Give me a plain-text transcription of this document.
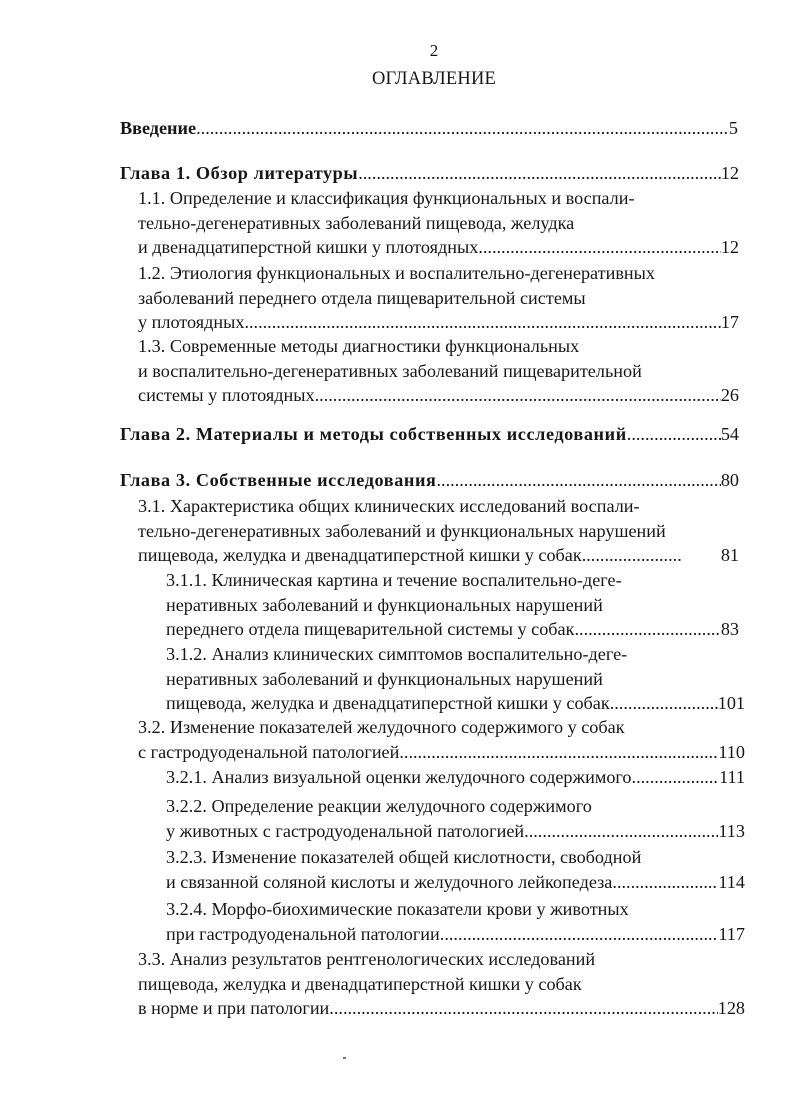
2
ОГЛАВЛЕНИЕ
Введение .....	5
Глава 1. Обзор литературы .....	12
1.1. Определение и классификация функциональных и воспали-
тельно-дегенеративных заболеваний пищевода, желудка
и двенадцатиперстной кишки у плотоядных .....	12
1.2. Этиология функциональных и воспалительно-дегенеративных
заболеваний переднего отдела пищеварительной системы
у плотоядных .....	17
1.3. Современные методы диагностики функциональных
и воспалительно-дегенеративных заболеваний пищеварительной
системы у плотоядных .....	26
Глава 2. Материалы и методы собственных исследований .....	54
Глава 3. Собственные исследования .....	80
3.1. Характеристика общих клинических исследований воспали-
тельно-дегенеративных заболеваний и функциональных нарушений
пищевода, желудка и двенадцатиперстной кишки у собак .....	81
3.1.1. Клиническая картина и течение воспалительно-деге-
неративных заболеваний и функциональных нарушений
переднего отдела пищеварительной системы у собак .....	83
3.1.2. Анализ клинических симптомов воспалительно-деге-
неративных заболеваний и функциональных нарушений
пищевода, желудка и двенадцатиперстной кишки у собак .....	101
3.2. Изменение показателей желудочного содержимого у собак
с гастродуоденальной патологией .....	110
3.2.1. Анализ визуальной оценки желудочного содержимого .....	111
3.2.2. Определение реакции желудочного содержимого
у животных с гастродуоденальной патологией .....	113
3.2.3. Изменение показателей общей кислотности, свободной
и связанной соляной кислоты и желудочного лейкопедеза .....	114
3.2.4. Морфо-биохимические показатели крови у животных
при гастродуоденальной патологии .....	117
3.3. Анализ результатов рентгенологических исследований
пищевода, желудка и двенадцатиперстной кишки у собак
в норме и при патологии .....	128
